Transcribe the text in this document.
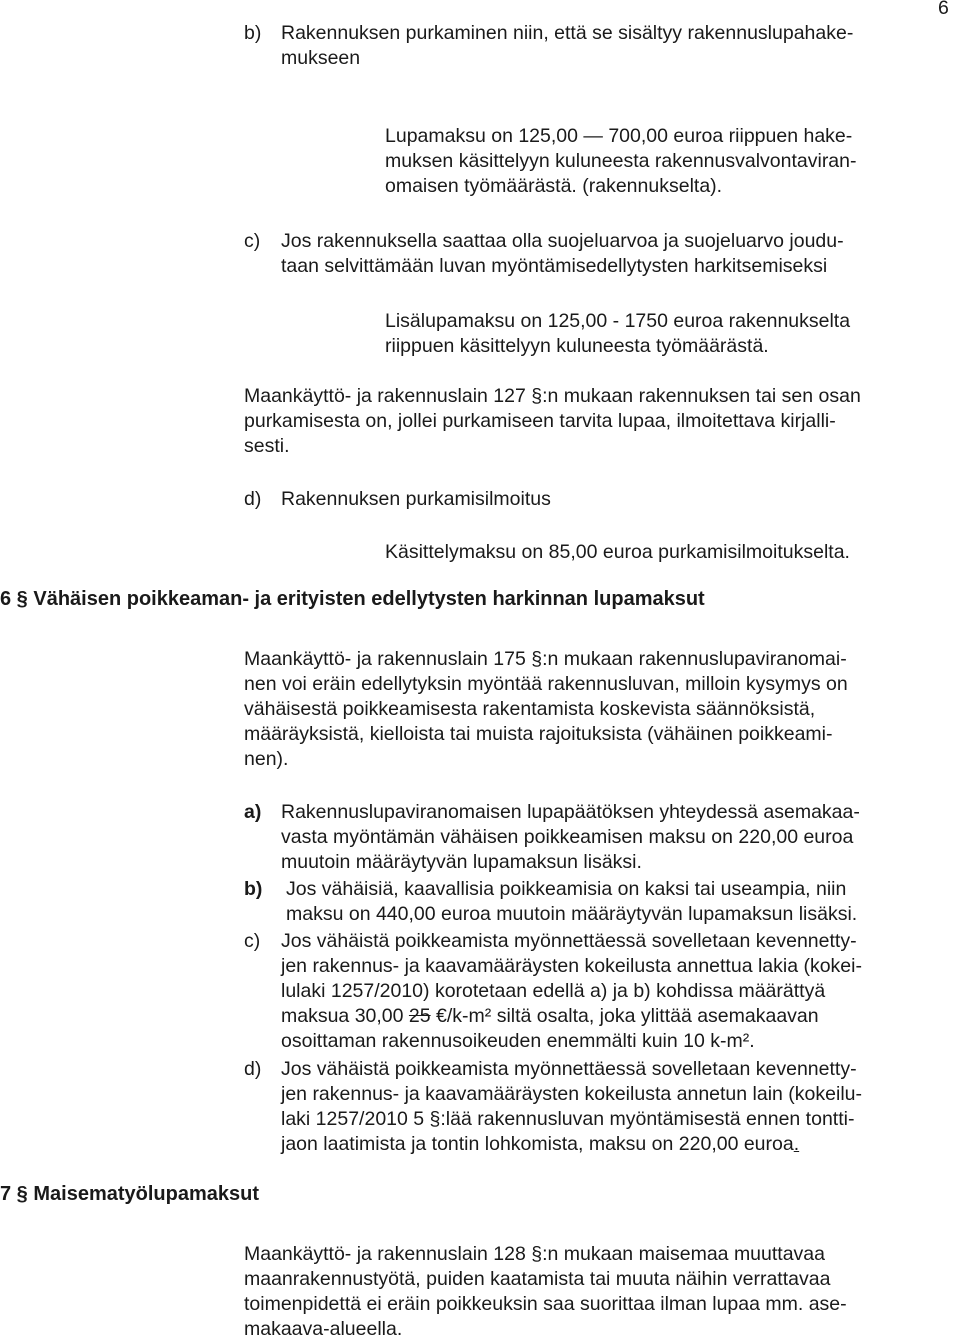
6
b) Rakennuksen purkaminen niin, että se sisältyy rakennuslupahake-
mukseen
Lupamaksu on 125,00 — 700,00 euroa riippuen hake-
muksen käsittelyyn kuluneesta rakennusvalvontaviran-
omaisen työmäärästä. (rakennukselta).
c) Jos rakennuksella saattaa olla suojeluarvoa ja suojeluarvo joudu-
taan selvittämään luvan myöntämisedellytysten harkitsemiseksi
Lisälupamaksu on 125,00 - 1750 euroa rakennukselta
riippuen käsittelyyn kuluneesta työmäärästä.
Maankäyttö- ja rakennuslain 127 §:n mukaan rakennuksen tai sen osan
purkamisesta on, jollei purkamiseen tarvita lupaa, ilmoitettava kirjalli-
sesti.
d) Rakennuksen purkamisilmoitus
Käsittelymaksu on 85,00 euroa purkamisilmoitukselta.
6 § Vähäisen poikkeaman- ja erityisten edellytysten harkinnan lupamaksut
Maankäyttö- ja rakennuslain 175 §:n mukaan rakennuslupaviranomai-
nen voi eräin edellytyksin myöntää rakennusluvan, milloin kysymys on
vähäisestä poikkeamisesta rakentamista koskevista säännöksistä,
määräyksistä, kielloista tai muista rajoituksista (vähäinen poikkeami-
nen).
a) Rakennuslupaviranomaisen lupapäätöksen yhteydessä asemakaa-
vasta myöntämän vähäisen poikkeamisen maksu on 220,00 euroa
muutoin määräytyvän lupamaksun lisäksi.
b) Jos vähäisiä, kaavallisia poikkeamisia on kaksi tai useampia, niin
maksu on 440,00 euroa muutoin määräytyvän lupamaksun lisäksi.
c) Jos vähäistä poikkeamista myönnettäessä sovelletaan kevennetty-
jen rakennus- ja kaavamääräysten kokeilusta annettua lakia (kokei-
lulaki 1257/2010) korotetaan edellä a) ja b) kohdissa määrättyä
maksua 30,00 25 €/k-m² siltä osalta, joka ylittää asemakaavan
osoittaman rakennusoikeuden enemmälti kuin 10 k-m².
d) Jos vähäistä poikkeamista myönnettäessä sovelletaan kevennetty-
jen rakennus- ja kaavamääräysten kokeilusta annetun lain (kokeilu-
laki 1257/2010 5 §:lää rakennusluvan myöntämisestä ennen tontti-
jaon laatimista ja tontin lohkomista, maksu on 220,00 euroa.
7 § Maisematyölupamaksut
Maankäyttö- ja rakennuslain 128 §:n mukaan maisemaa muuttavaa
maanrakennustyötä, puiden kaatamista tai muuta näihin verrattavaa
toimenpidettä ei eräin poikkeuksin saa suorittaa ilman lupaa mm. ase-
makaava-alueella.
